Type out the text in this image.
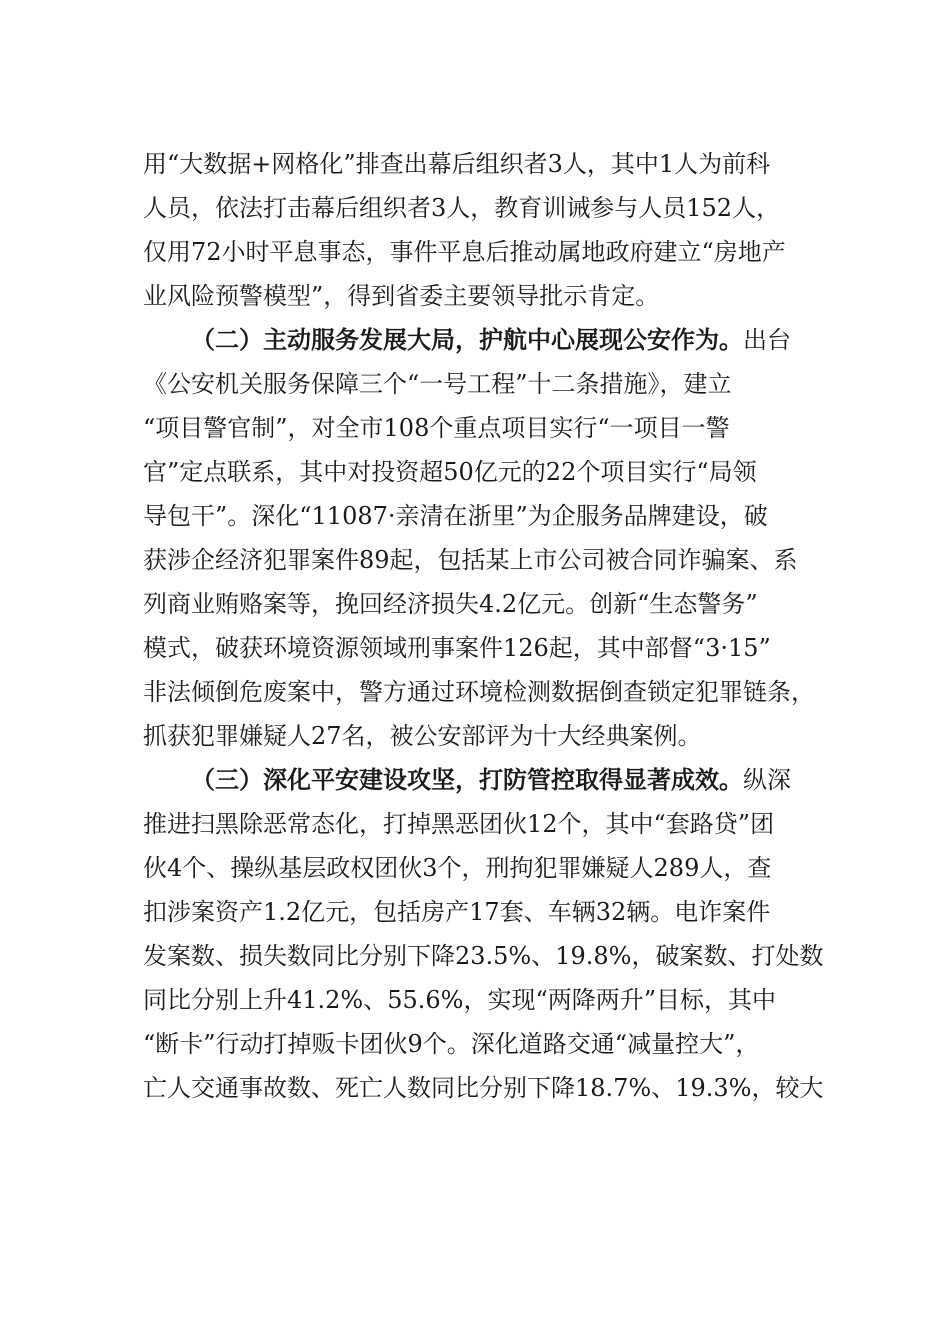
用“大数据+网格化”排查出幕后组织者3人，其中1人为前科
人员，依法打击幕后组织者3人，教育训诫参与人员152人，
仅用72小时平息事态，事件平息后推动属地政府建立“房地产
业风险预警模型”，得到省委主要领导批示肯定。
（二）主动服务发展大局，护航中心展现公安作为。出台
《公安机关服务保障三个“一号工程”十二条措施》，建立
“项目警官制”，对全市108个重点项目实行“一项目一警
官”定点联系，其中对投资超50亿元的22个项目实行“局领
导包干”。深化“11087·亲清在浙里”为企服务品牌建设，破
获涉企经济犯罪案件89起，包括某上市公司被合同诈骗案、系
列商业贿赂案等，挽回经济损失4.2亿元。创新“生态警务”
模式，破获环境资源领域刑事案件126起，其中部督“3·15”
非法倾倒危废案中，警方通过环境检测数据倒查锁定犯罪链条，
抓获犯罪嫌疑人27名，被公安部评为十大经典案例。
（三）深化平安建设攻坚，打防管控取得显著成效。纵深
推进扫黑除恶常态化，打掉黑恶团伙12个，其中“套路贷”团
伙4个、操纵基层政权团伙3个，刑拘犯罪嫌疑人289人，查
扣涉案资产1.2亿元，包括房产17套、车辆32辆。电诈案件
发案数、损失数同比分别下降23.5%、19.8%，破案数、打处数
同比分别上升41.2%、55.6%，实现“两降两升”目标，其中
“断卡”行动打掉贩卡团伙9个。深化道路交通“减量控大”，
亡人交通事故数、死亡人数同比分别下降18.7%、19.3%，较大
